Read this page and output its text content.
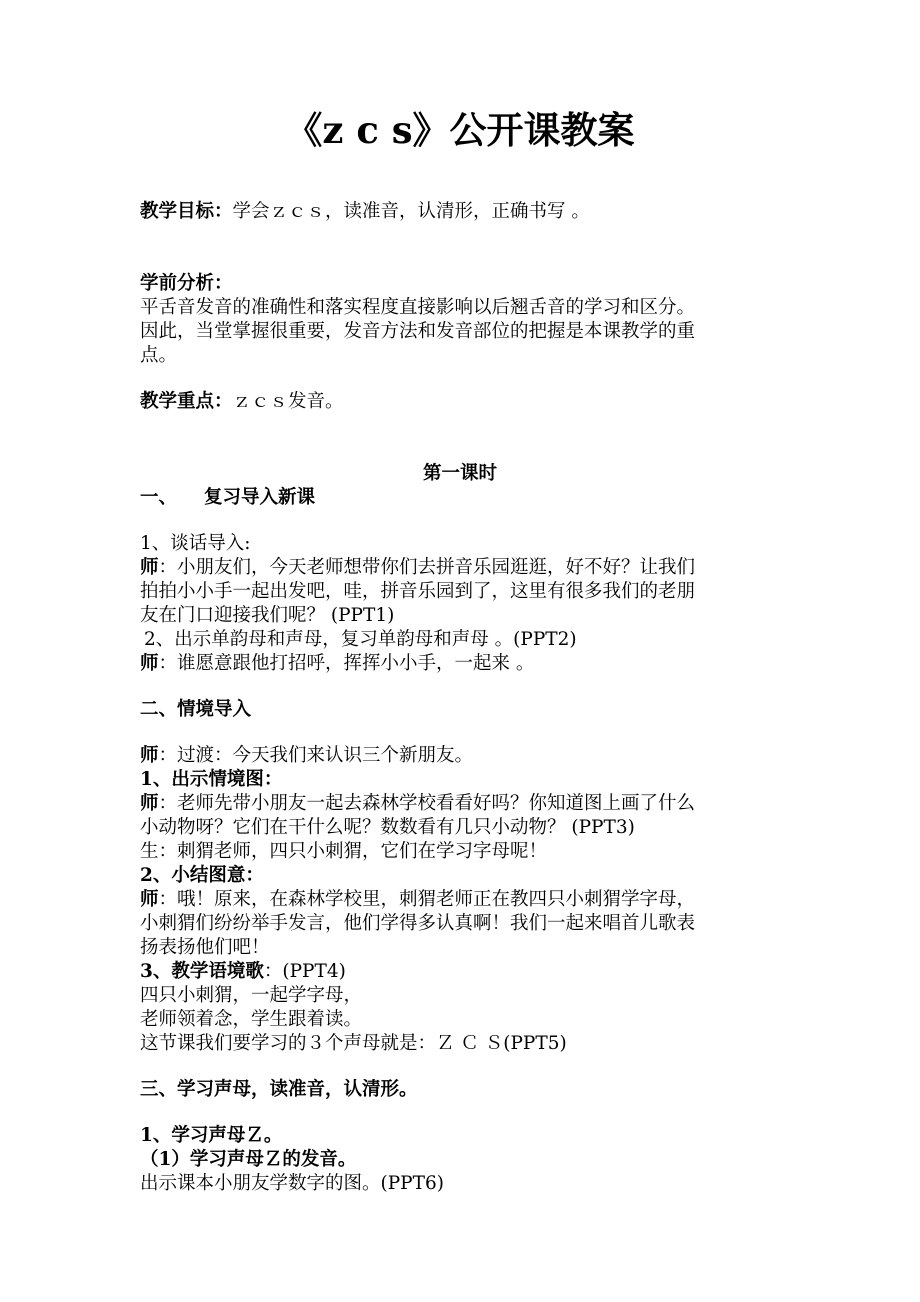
《z c s》公开课教案
教学目标：学会ｚｃｓ，读准音，认清形，正确书写 。
学前分析：
平舌音发音的准确性和落实程度直接影响以后翘舌音的学习和区分。
因此，当堂掌握很重要，发音方法和发音部位的把握是本课教学的重
点。
教学重点：ｚｃｓ发音。
第一课时
一、 复习导入新课
1、谈话导入:
师：小朋友们，今天老师想带你们去拼音乐园逛逛，好不好？让我们
拍拍小小手一起出发吧，哇，拼音乐园到了，这里有很多我们的老朋
友在门口迎接我们呢？ (PPT1)
2、出示单韵母和声母，复习单韵母和声母 。(PPT2)
师：谁愿意跟他打招呼，挥挥小小手，一起来 。
二、情境导入
师：过渡：今天我们来认识三个新朋友。
1、出示情境图：
师：老师先带小朋友一起去森林学校看看好吗？你知道图上画了什么
小动物呀？它们在干什么呢？数数看有几只小动物？ (PPT3)
生：刺猬老师，四只小刺猬，它们在学习字母呢！
2、小结图意：
师：哦！原来，在森林学校里，刺猬老师正在教四只小刺猬学字母，
小刺猬们纷纷举手发言，他们学得多认真啊！我们一起来唱首儿歌表
扬表扬他们吧！
3、教学语境歌：(PPT4)
四只小刺猬，一起学字母，
老师领着念，学生跟着读。
这节课我们要学习的３个声母就是：Ｚ Ｃ Ｓ(PPT5)
三、学习声母，读准音，认清形。
1、学习声母Ｚ。
（1）学习声母Ｚ的发音。
出示课本小朋友学数字的图。(PPT6)
